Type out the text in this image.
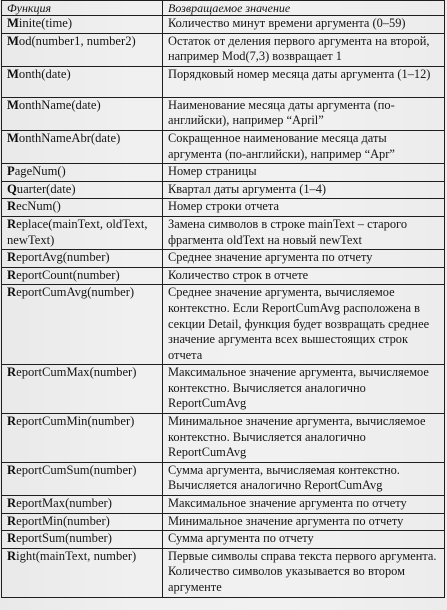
Функция	Возвращаемое значение
Minite(time)	Количество минут времени аргумента (0–59)
Mod(number1, number2)	Остаток от деления первого аргумента на второй, например Mod(7,3) возвращает 1
Month(date)	Порядковый номер месяца даты аргумента (1–12)
MonthName(date)	Наименование месяца даты аргумента (по-английски), например “April”
MonthNameAbr(date)	Сокращенное наименование месяца даты аргумента (по-английски), например “Apr”
PageNum()	Номер страницы
Quarter(date)	Квартал даты аргумента (1–4)
RecNum()	Номер строки отчета
Replace(mainText, oldText, newText)	Замена символов в строке mainText – старого фрагмента oldText на новый newText
ReportAvg(number)	Среднее значение аргумента по отчету
ReportCount(number)	Количество строк в отчете
ReportCumAvg(number)	Среднее значение аргумента, вычисляемое контекстно. Если ReportCumAvg расположена в секции Detail, функция будет возвращать среднее значение аргумента всех вышестоящих строк отчета
ReportCumMax(number)	Максимальное значение аргумента, вычисляемое контекстно. Вычисляется аналогично ReportCumAvg
ReportCumMin(number)	Минимальное значение аргумента, вычисляемое контекстно. Вычисляется аналогично ReportCumAvg
ReportCumSum(number)	Сумма аргумента, вычисляемая контекстно. Вычисляется аналогично ReportCumAvg
ReportMax(number)	Максимальное значение аргумента по отчету
ReportMin(number)	Минимальное значение аргумента по отчету
ReportSum(number)	Сумма аргумента по отчету
Right(mainText, number)	Первые символы справа текста первого аргумента. Количество символов указывается во втором аргументе
